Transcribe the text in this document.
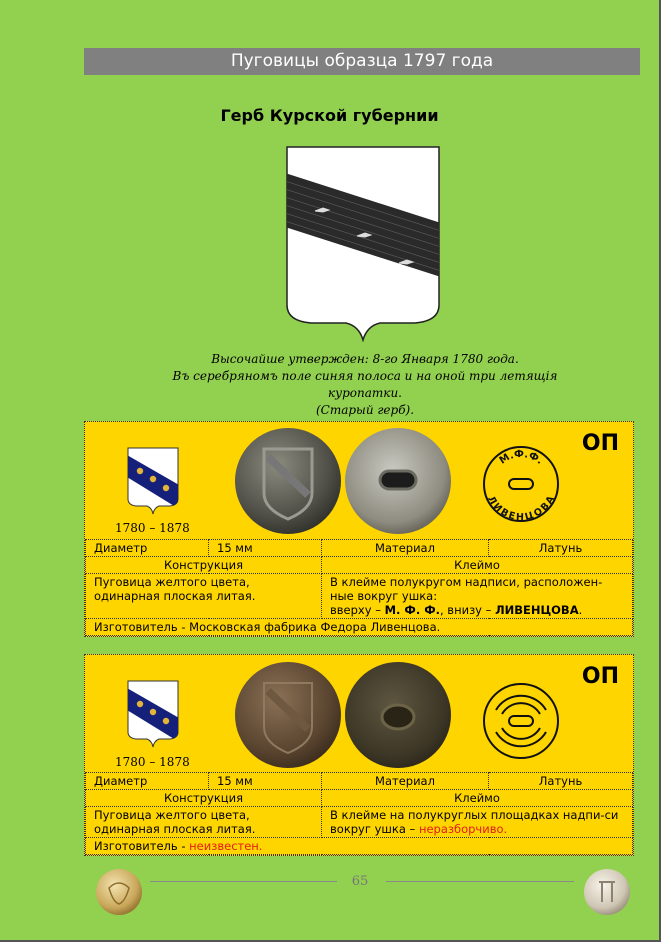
Пуговицы образца 1797 года
Герб Курской губернии
Высочайше утвержден: 8-го Января 1780 года.
Въ серебряномъ поле синяя полоса и на оной три летящія куропатки.
(Старый герб).
ОП
1780 – 1878
М.Ф.Ф.
ЛИВЕНЦОВА
Диаметр	15 мм	Материал	Латунь
Конструкция		Клеймо	
Пуговица желтого цвета, одинарная плоская литая.		В клейме полукругом надписи, расположен-ные вокруг ушка:
вверху – М. Ф. Ф., внизу – ЛИВЕНЦОВА.	
Изготовитель - Московская фабрика Федора Ливенцова.			
ОП
1780 – 1878
Диаметр	15 мм	Материал	Латунь
Конструкция		Клеймо	
Пуговица желтого цвета, одинарная плоская литая.		В клейме на полукруглых площадках надпи-си вокруг ушка – неразборчиво.	
Изготовитель - неизвестен.			
65
